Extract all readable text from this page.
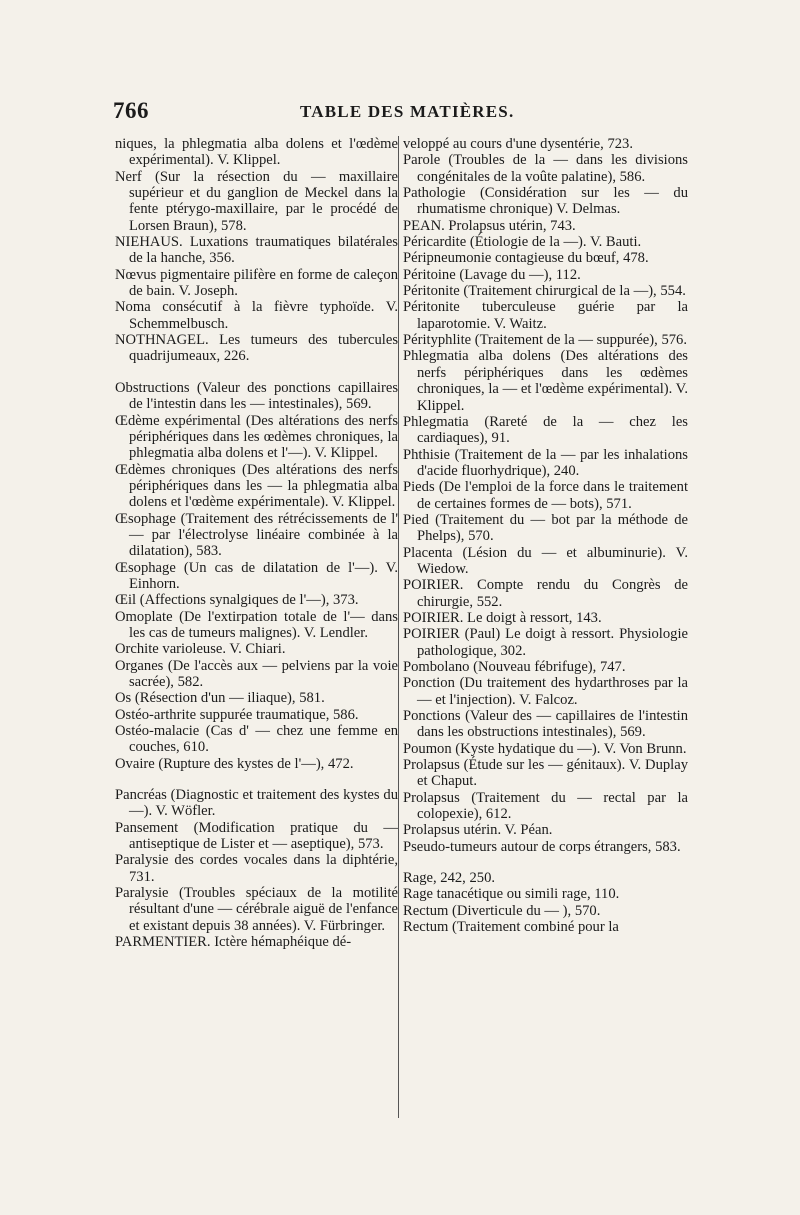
766	TABLE DES MATIÈRES.

niques, la phlegmatia alba dolens et l'œdème expérimental). V. Klippel.

Nerf (Sur la résection du — maxillaire supérieur et du ganglion de Meckel dans la fente ptérygo-maxillaire, par le procédé de Lorsen Braun), 578.

NIEHAUS. Luxations traumatiques bilatérales de la hanche, 356.

Nœvus pigmentaire pilifère en forme de caleçon de bain. V. Joseph.

Noma consécutif à la fièvre typhoïde. V. Schemmelbusch.

NOTHNAGEL. Les tumeurs des tubercules quadrijumeaux, 226.

Obstructions (Valeur des ponctions capillaires de l'intestin dans les — intestinales), 569.

Œdème expérimental (Des altérations des nerfs périphériques dans les œdèmes chroniques, la phlegmatia alba dolens et l'—). V. Klippel.

Œdèmes chroniques (Des altérations des nerfs périphériques dans les — la phlegmatia alba dolens et l'œdème expérimentale). V. Klippel.

Œsophage (Traitement des rétrécissements de l' — par l'électrolyse linéaire combinée à la dilatation), 583.

Œsophage (Un cas de dilatation de l'—). V. Einhorn.

Œil (Affections synalgiques de l'—), 373.

Omoplate (De l'extirpation totale de l'— dans les cas de tumeurs malignes). V. Lendler.

Orchite varioleuse. V. Chiari.

Organes (De l'accès aux — pelviens par la voie sacrée), 582.

Os (Résection d'un — iliaque), 581.

Ostéo-arthrite suppurée traumatique, 586.

Ostéo-malacie (Cas d' — chez une femme en couches, 610.

Ovaire (Rupture des kystes de l'—), 472.

Pancréas (Diagnostic et traitement des kystes du —). V. Wöfler.

Pansement (Modification pratique du — antiseptique de Lister et — aseptique), 573.

Paralysie des cordes vocales dans la diphtérie, 731.

Paralysie (Troubles spéciaux de la motilité résultant d'une — cérébrale aiguë de l'enfance et existant depuis 38 années). V. Fürbringer.

PARMENTIER. Ictère hémaphéique dé-

veloppé au cours d'une dysentérie, 723.

Parole (Troubles de la — dans les divisions congénitales de la voûte palatine), 586.

Pathologie (Considération sur les — du rhumatisme chronique) V. Delmas.

PEAN. Prolapsus utérin, 743.

Péricardite (Étiologie de la —). V. Bauti.

Péripneumonie contagieuse du bœuf, 478.

Péritoine (Lavage du —), 112.

Péritonite (Traitement chirurgical de la —), 554.

Péritonite tuberculeuse guérie par la laparotomie. V. Waitz.

Pérityphlite (Traitement de la — suppurée), 576.

Phlegmatia alba dolens (Des altérations des nerfs périphériques dans les œdèmes chroniques, la — et l'œdème expérimental). V. Klippel.

Phlegmatia (Rareté de la — chez les cardiaques), 91.

Phthisie (Traitement de la — par les inhalations d'acide fluorhydrique), 240.

Pieds (De l'emploi de la force dans le traitement de certaines formes de — bots), 571.

Pied (Traitement du — bot par la méthode de Phelps), 570.

Placenta (Lésion du — et albuminurie). V. Wiedow.

POIRIER. Compte rendu du Congrès de chirurgie, 552.

POIRIER. Le doigt à ressort, 143.

POIRIER (Paul) Le doigt à ressort. Physiologie pathologique, 302.

Pombolano (Nouveau fébrifuge), 747.

Ponction (Du traitement des hydarthroses par la — et l'injection). V. Falcoz.

Ponctions (Valeur des — capillaires de l'intestin dans les obstructions intestinales), 569.

Poumon (Kyste hydatique du —). V. Von Brunn.

Prolapsus (Étude sur les — génitaux). V. Duplay et Chaput.

Prolapsus (Traitement du — rectal par la colopexie), 612.

Prolapsus utérin. V. Péan.

Pseudo-tumeurs autour de corps étrangers, 583.

Rage, 242, 250.

Rage tanacétique ou simili rage, 110.

Rectum (Diverticule du — ), 570.

Rectum (Traitement combiné pour la
